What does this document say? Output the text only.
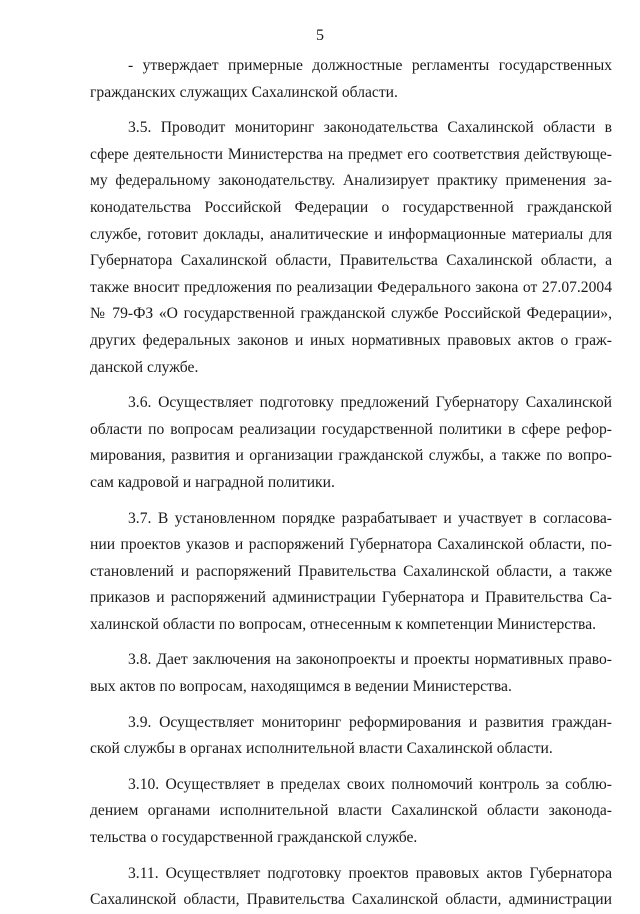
5
- утверждает примерные должностные регламенты государственных
гражданских служащих Сахалинской области.
3.5. Проводит мониторинг законодательства Сахалинской области в
сфере деятельности Министерства на предмет его соответствия действующе-
му федеральному законодательству. Анализирует практику применения за-
конодательства Российской Федерации о государственной гражданской
службе, готовит доклады, аналитические и информационные материалы для
Губернатора Сахалинской области, Правительства Сахалинской области, а
также вносит предложения по реализации Федерального закона от 27.07.2004
№ 79-ФЗ «О государственной гражданской службе Российской Федерации»,
других федеральных законов и иных нормативных правовых актов о граж-
данской службе.
3.6. Осуществляет подготовку предложений Губернатору Сахалинской
области по вопросам реализации государственной политики в сфере рефор-
мирования, развития и организации гражданской службы, а также по вопро-
сам кадровой и наградной политики.
3.7. В установленном порядке разрабатывает и участвует в согласова-
нии проектов указов и распоряжений Губернатора Сахалинской области, по-
становлений и распоряжений Правительства Сахалинской области, а также
приказов и распоряжений администрации Губернатора и Правительства Са-
халинской области по вопросам, отнесенным к компетенции Министерства.
3.8. Дает заключения на законопроекты и проекты нормативных право-
вых актов по вопросам, находящимся в ведении Министерства.
3.9. Осуществляет мониторинг реформирования и развития граждан-
ской службы в органах исполнительной власти Сахалинской области.
3.10. Осуществляет в пределах своих полномочий контроль за соблю-
дением органами исполнительной власти Сахалинской области законода-
тельства о государственной гражданской службе.
3.11. Осуществляет подготовку проектов правовых актов Губернатора
Сахалинской области, Правительства Сахалинской области, администрации
